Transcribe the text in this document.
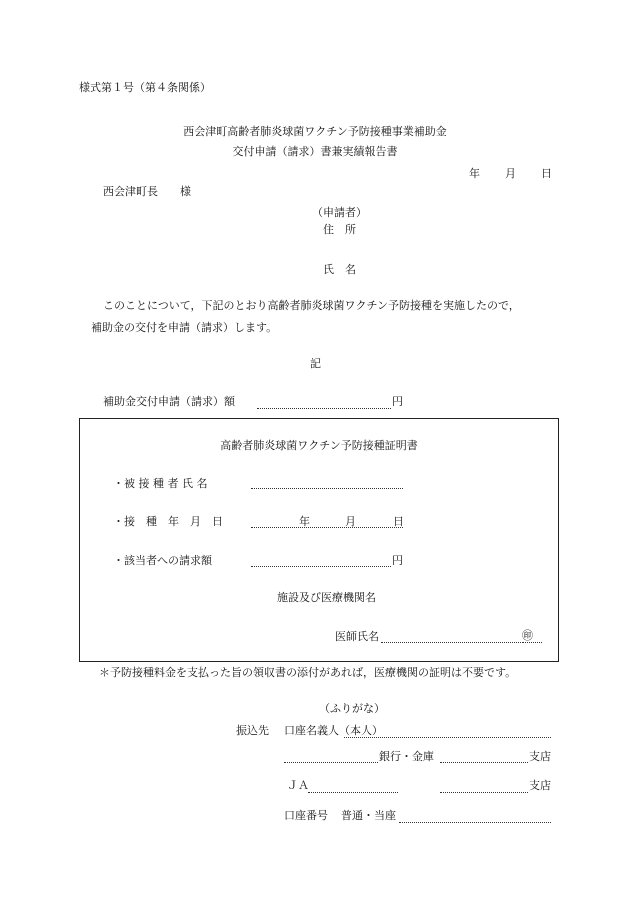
様式第１号（第４条関係）
西会津町高齢者肺炎球菌ワクチン予防接種事業補助金
交付申請（請求）書兼実績報告書
年 月 日
西会津町長　　様
（申請者）
住　所
氏　名
このことについて，下記のとおり高齢者肺炎球菌ワクチン予防接種を実施したので，
補助金の交付を申請（請求）します。
記
補助金交付申請（請求）額	円
高齢者肺炎球菌ワクチン予防接種証明書
・被 接 種 者 氏 名
・接　種　年　月　日	年	月	日
・該当者への請求額	円
施設及び医療機関名
医師氏名	㊞
＊予防接種料金を支払った旨の領収書の添付があれば，医療機関の証明は不要です。
（ふりがな）
振込先 口座名義人（本人）
銀行・金庫	支店
ＪＡ	支店
口座番号 普通・当座
